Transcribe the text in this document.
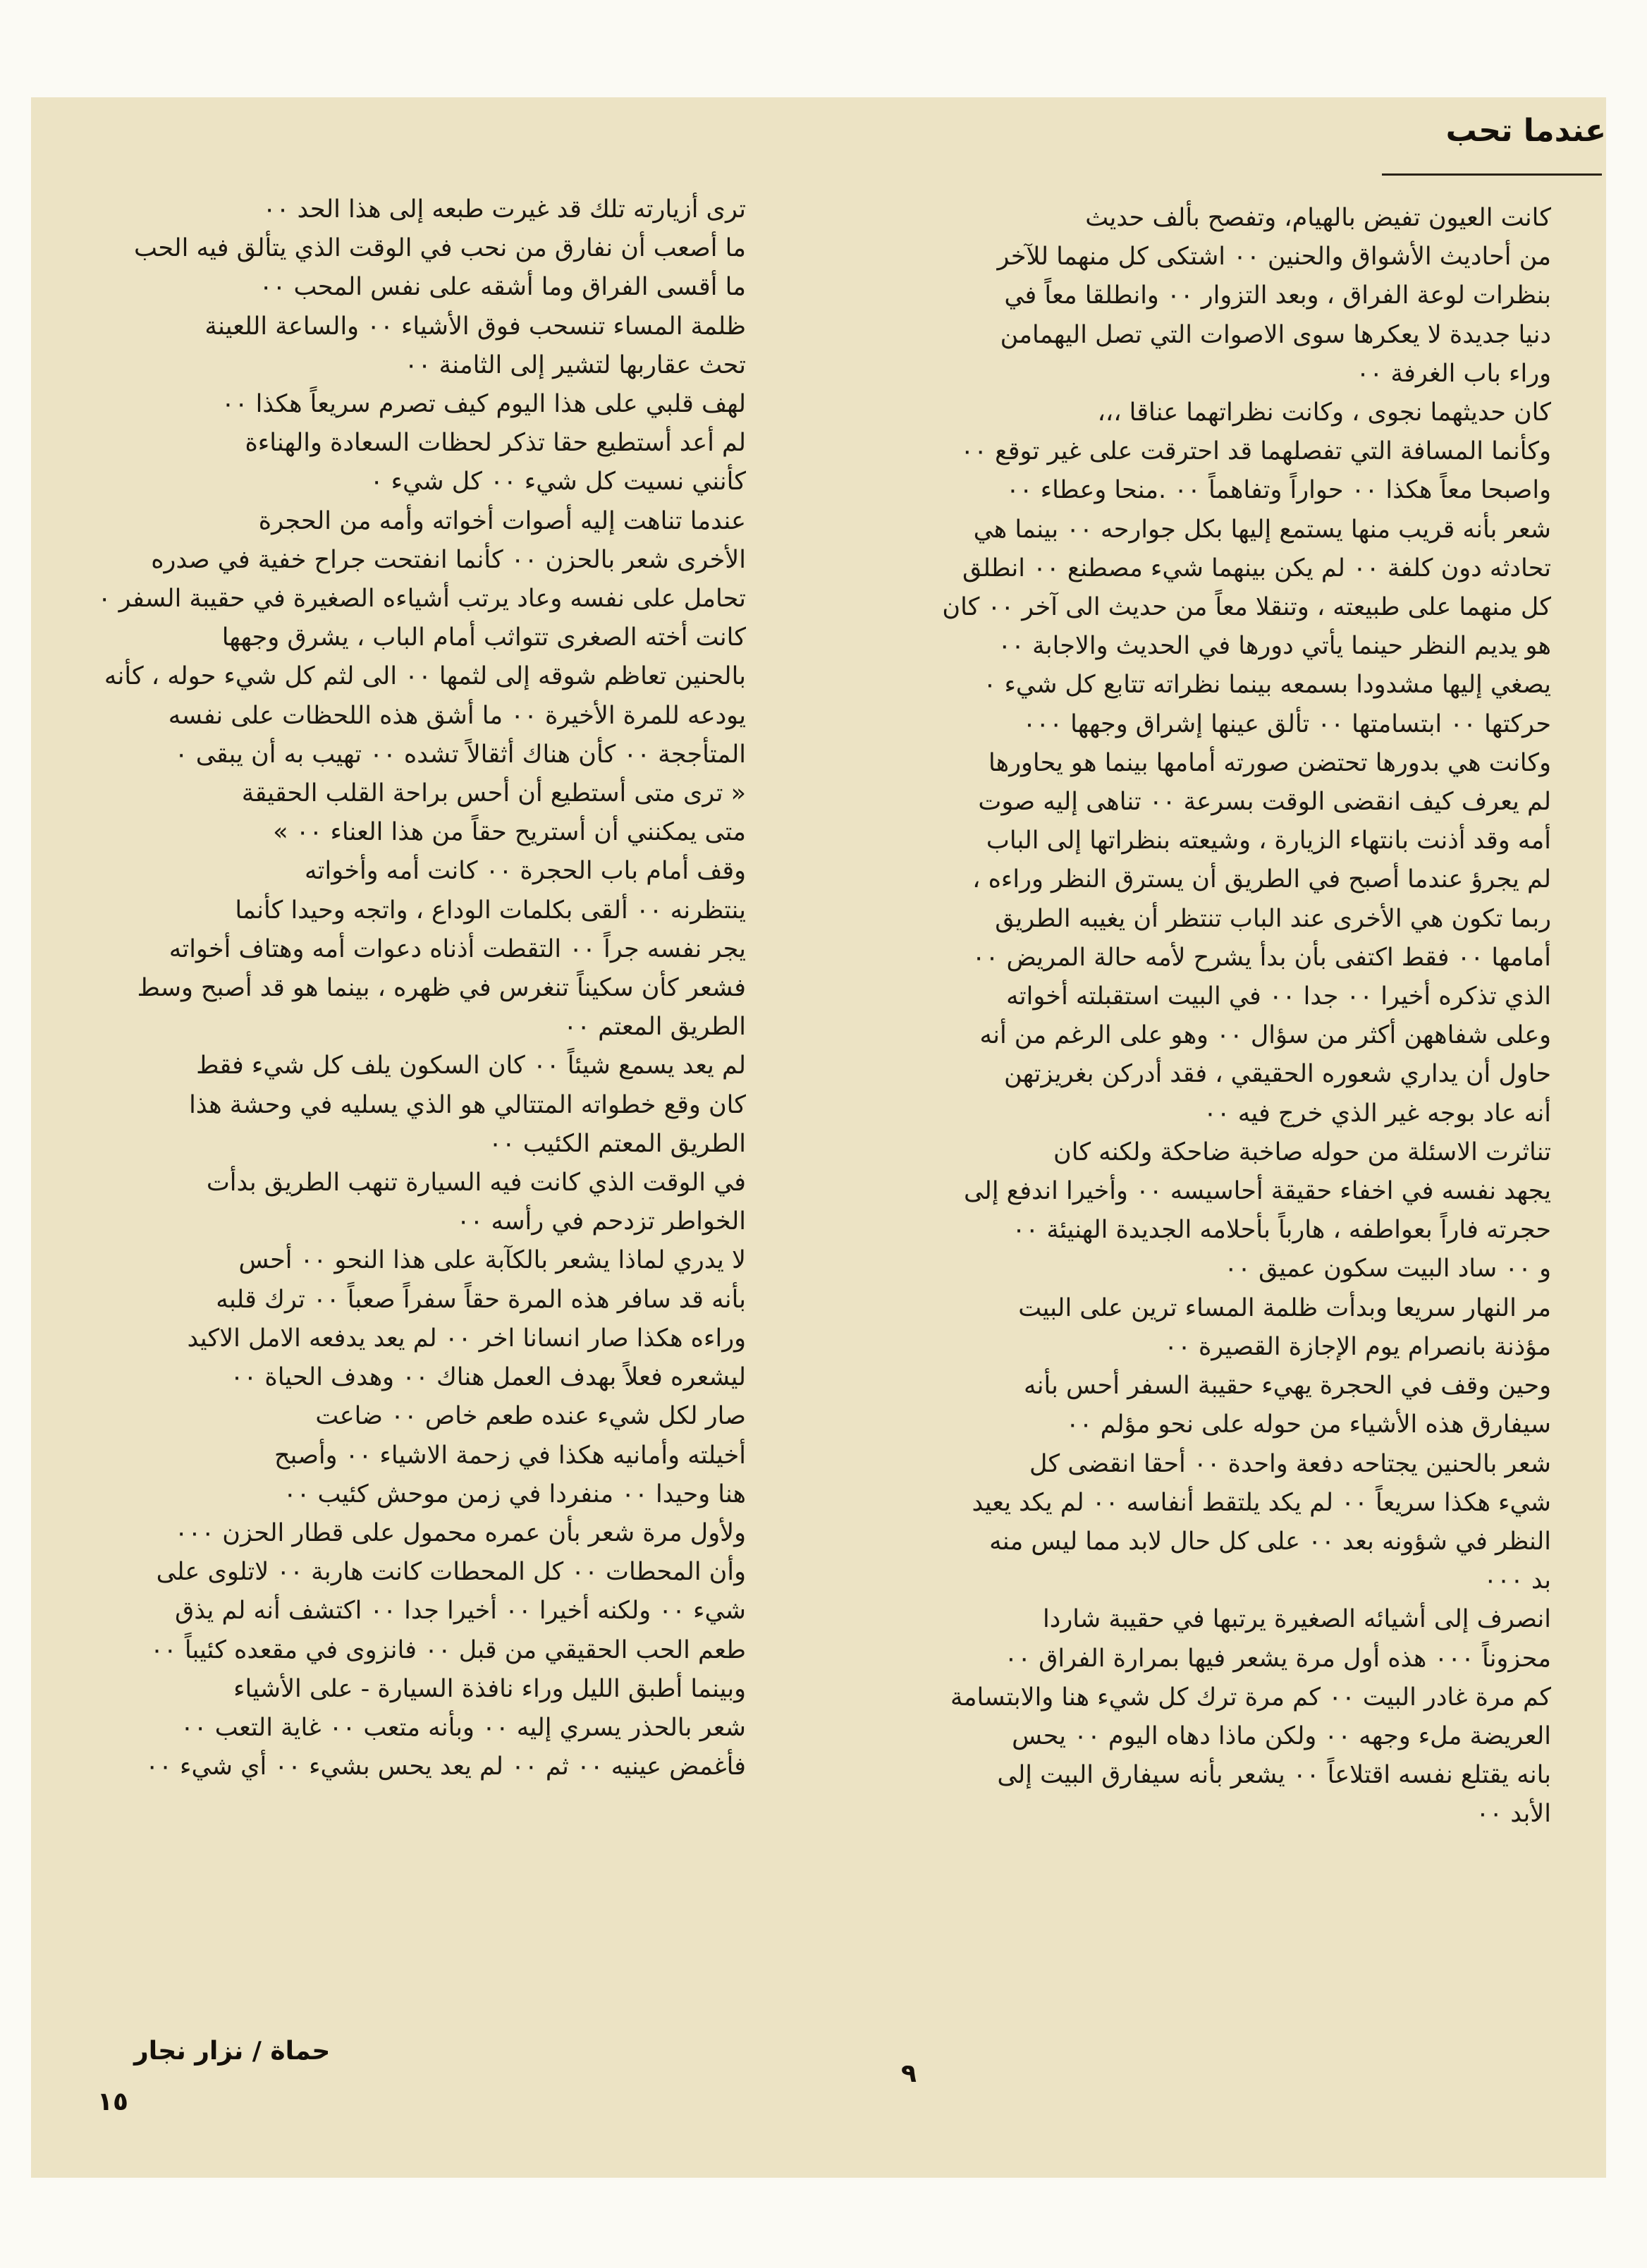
عندما تحب
كانت العيون تفيض بالهيام، وتفصح بألف حديث
من أحاديث الأشواق والحنين ٠٠ اشتكى كل منهما للآخر
بنظرات لوعة الفراق ، وبعد التزوار ٠٠ وانطلقا معاً في
دنيا جديدة لا يعكرها سوى الاصوات التي تصل اليهمامن
وراء باب الغرفة ٠٠
كان حديثهما نجوى ، وكانت نظراتهما عناقا ،،،
وكأنما المسافة التي تفصلهما قد احترقت على غير توقع ٠٠
واصبحا معاً هكذا ٠٠ حواراً وتفاهماً ٠٠ .منحا وعطاء ٠٠
شعر بأنه قريب منها يستمع إليها بكل جوارحه ٠٠ بينما هي
تحادثه دون كلفة ٠٠ لم يكن بينهما شيء مصطنع ٠٠ انطلق
كل منهما على طبيعته ، وتنقلا معاً من حديث الى آخر ٠٠ كان
هو يديم النظر حينما يأتي دورها في الحديث والاجابة ٠٠
يصغي إليها مشدودا بسمعه بينما نظراته تتابع كل شيء ٠
حركتها ٠٠ ابتسامتها ٠٠ تألق عينها إشراق وجهها ٠٠٠
وكانت هي بدورها تحتضن صورته أمامها بينما هو يحاورها
لم يعرف كيف انقضى الوقت بسرعة ٠٠ تناهى إليه صوت
أمه وقد أذنت بانتهاء الزيارة ، وشيعته بنظراتها إلى الباب
لم يجرؤ عندما أصبح في الطريق أن يسترق النظر وراءه ،
ربما تكون هي الأخرى عند الباب تنتظر أن يغيبه الطريق
أمامها ٠٠ فقط اكتفى بأن بدأ يشرح لأمه حالة المريض ٠٠
الذي تذكره أخيرا ٠٠ جدا ٠٠ في البيت استقبلته أخواته
وعلى شفاههن أكثر من سؤال ٠٠ وهو على الرغم من أنه
حاول أن يداري شعوره الحقيقي ، فقد أدركن بغريزتهن
أنه عاد بوجه غير الذي خرج فيه ٠٠
تناثرت الاسئلة من حوله صاخبة ضاحكة ولكنه كان
يجهد نفسه في اخفاء حقيقة أحاسيسه ٠٠ وأخيرا اندفع إلى
حجرته فاراً بعواطفه ، هارباً بأحلامه الجديدة الهنيئة ٠٠
و ٠٠ ساد البيت سكون عميق ٠٠
مر النهار سريعا وبدأت ظلمة المساء ترين على البيت
مؤذنة بانصرام يوم الإجازة القصيرة ٠٠
وحين وقف في الحجرة يهيء حقيبة السفر أحس بأنه
سيفارق هذه الأشياء من حوله على نحو مؤلم ٠٠
شعر بالحنين يجتاحه دفعة واحدة ٠٠ أحقا انقضى كل
شيء هكذا سريعاً ٠٠ لم يكد يلتقط أنفاسه ٠٠ لم يكد يعيد
النظر في شؤونه بعد ٠٠ على كل حال لابد مما ليس منه
بد ٠٠٠
انصرف إلى أشيائه الصغيرة يرتبها في حقيبة شاردا
محزوناً ٠٠٠ هذه أول مرة يشعر فيها بمرارة الفراق ٠٠
كم مرة غادر البيت ٠٠ كم مرة ترك كل شيء هنا والابتسامة
العريضة ملء وجهه ٠٠ ولكن ماذا دهاه اليوم ٠٠ يحس
بانه يقتلع نفسه اقتلاعاً ٠٠ يشعر بأنه سيفارق البيت إلى
الأبد ٠٠
ترى أزيارته تلك قد غيرت طبعه إلى هذا الحد ٠٠
ما أصعب أن نفارق من نحب في الوقت الذي يتألق فيه الحب
ما أقسى الفراق وما أشقه على نفس المحب ٠٠
ظلمة المساء تنسحب فوق الأشياء ٠٠ والساعة اللعينة
تحث عقاربها لتشير إلى الثامنة ٠٠
لهف قلبي على هذا اليوم كيف تصرم سريعاً هكذا ٠٠
لم أعد أستطيع حقا تذكر لحظات السعادة والهناءة
كأنني نسيت كل شيء ٠٠ كل شيء ٠
عندما تناهت إليه أصوات أخواته وأمه من الحجرة
الأخرى شعر بالحزن ٠٠ كأنما انفتحت جراح خفية في صدره
تحامل على نفسه وعاد يرتب أشياءه الصغيرة في حقيبة السفر ٠
كانت أخته الصغرى تتواثب أمام الباب ، يشرق وجهها
بالحنين تعاظم شوقه إلى لثمها ٠٠ الى لثم كل شيء حوله ، كأنه
يودعه للمرة الأخيرة ٠٠ ما أشق هذه اللحظات على نفسه
المتأججة ٠٠ كأن هناك أثقالاً تشده ٠٠ تهيب به أن يبقى ٠
« ترى متى أستطيع أن أحس براحة القلب الحقيقة
متى يمكنني أن أستريح حقاً من هذا العناء ٠٠ »
وقف أمام باب الحجرة ٠٠ كانت أمه وأخواته
ينتظرنه ٠٠ ألقى بكلمات الوداع ، واتجه وحيدا كأنما
يجر نفسه جراً ٠٠ التقطت أذناه دعوات أمه وهتاف أخواته
فشعر كأن سكيناً تنغرس في ظهره ، بينما هو قد أصبح وسط
الطريق المعتم ٠٠
لم يعد يسمع شيئاً ٠٠ كان السكون يلف كل شيء فقط
كان وقع خطواته المتتالي هو الذي يسليه في وحشة هذا
الطريق المعتم الكئيب ٠٠
في الوقت الذي كانت فيه السيارة تنهب الطريق بدأت
الخواطر تزدحم في رأسه ٠٠
لا يدري لماذا يشعر بالكآبة على هذا النحو ٠٠ أحس
بأنه قد سافر هذه المرة حقاً سفراً صعباً ٠٠ ترك قلبه
وراءه هكذا صار انسانا اخر ٠٠ لم يعد يدفعه الامل الاكيد
ليشعره فعلاً بهدف العمل هناك ٠٠ وهدف الحياة ٠٠
صار لكل شيء عنده طعم خاص ٠٠ ضاعت
أخيلته وأمانيه هكذا في زحمة الاشياء ٠٠ وأصبح
هنا وحيدا ٠٠ منفردا في زمن موحش كئيب ٠٠
ولأول مرة شعر بأن عمره محمول على قطار الحزن ٠٠٠
وأن المحطات ٠٠ كل المحطات كانت هاربة ٠٠ لاتلوى على
شيء ٠٠ ولكنه أخيرا ٠٠ أخيرا جدا ٠٠ اكتشف أنه لم يذق
طعم الحب الحقيقي من قبل ٠٠ فانزوى في مقعده كئيباً ٠٠
وبينما أطبق الليل وراء نافذة السيارة - على الأشياء
شعر بالحذر يسري إليه ٠٠ وبأنه متعب ٠٠ غاية التعب ٠٠
فأغمض عينيه ٠٠ ثم ٠٠ لم يعد يحس بشيء ٠٠ أي شيء ٠٠
حماة / نزار نجار
١٥
٩
